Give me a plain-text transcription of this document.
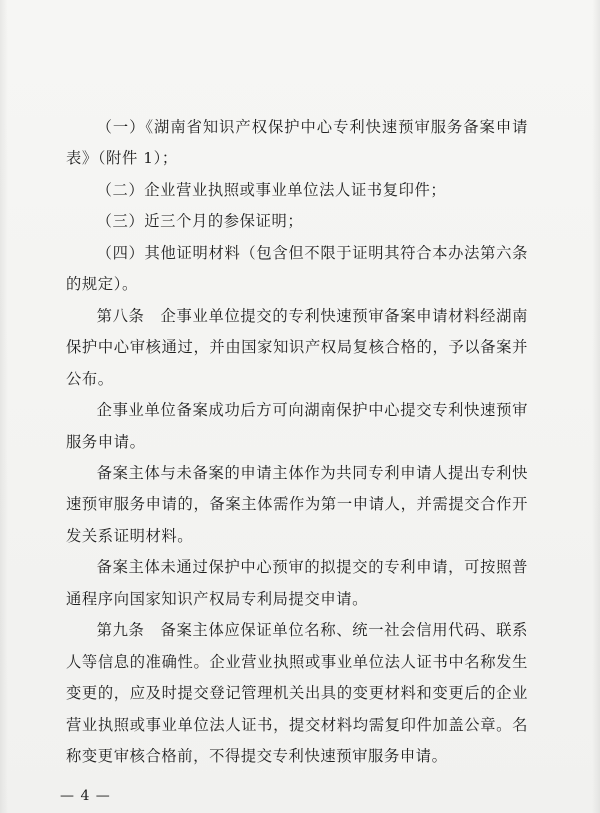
（一）《湖南省知识产权保护中心专利快速预审服务备案申请表》（附件 1）；

（二）企业营业执照或事业单位法人证书复印件；

（三）近三个月的参保证明；

（四）其他证明材料（包含但不限于证明其符合本办法第六条的规定）。

第八条　企事业单位提交的专利快速预审备案申请材料经湖南保护中心审核通过，并由国家知识产权局复核合格的，予以备案并公布。

企事业单位备案成功后方可向湖南保护中心提交专利快速预审服务申请。

备案主体与未备案的申请主体作为共同专利申请人提出专利快速预审服务申请的，备案主体需作为第一申请人，并需提交合作开发关系证明材料。

备案主体未通过保护中心预审的拟提交的专利申请，可按照普通程序向国家知识产权局专利局提交申请。

第九条　备案主体应保证单位名称、统一社会信用代码、联系人等信息的准确性。企业营业执照或事业单位法人证书中名称发生变更的，应及时提交登记管理机关出具的变更材料和变更后的企业营业执照或事业单位法人证书，提交材料均需复印件加盖公章。名称变更审核合格前，不得提交专利快速预审服务申请。

— 4 —
